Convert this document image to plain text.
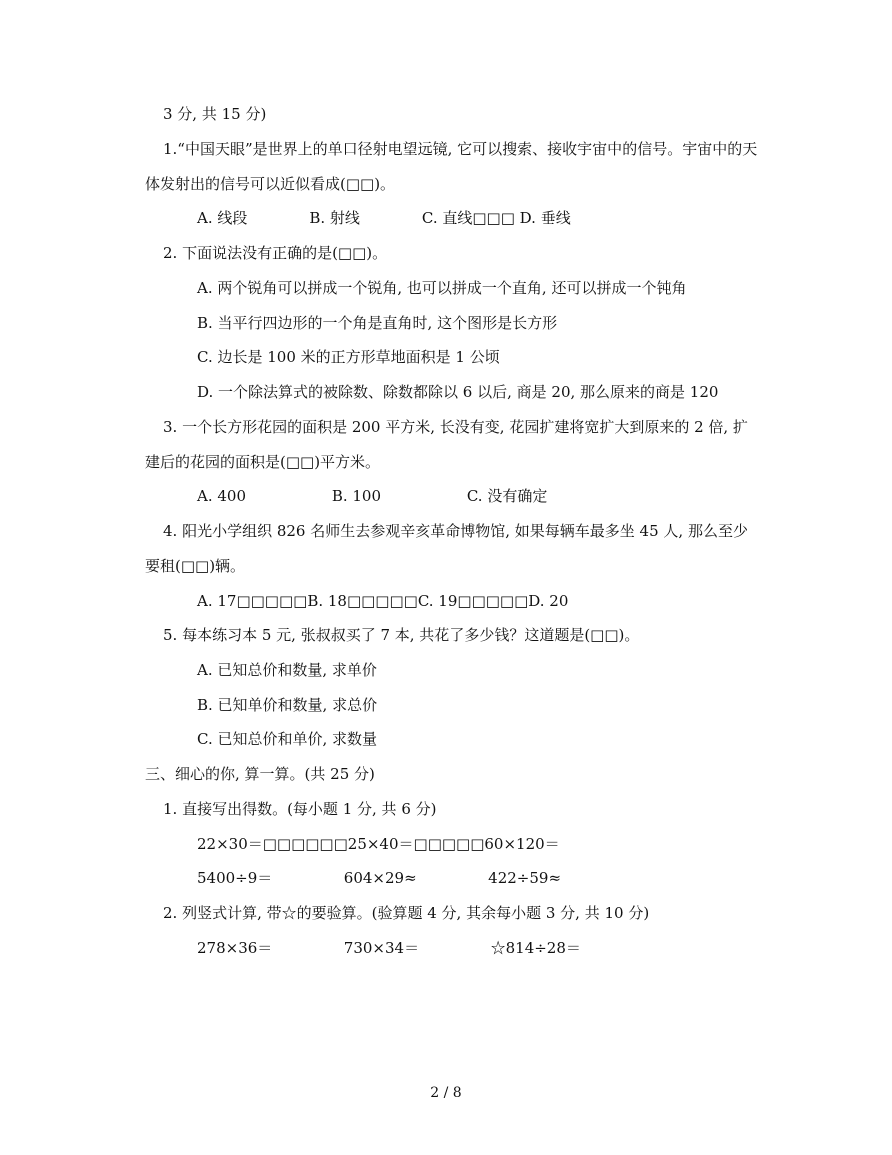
3 分, 共 15 分)
1.“中国天眼”是世界上的单口径射电望远镜, 它可以搜索、接收宇宙中的信号。宇宙中的天
体发射出的信号可以近似看成(□□)。
A. 线段             B. 射线             C. 直线□□□ D. 垂线
2. 下面说法没有正确的是(□□)。
A. 两个锐角可以拼成一个锐角, 也可以拼成一个直角, 还可以拼成一个钝角
B. 当平行四边形的一个角是直角时, 这个图形是长方形
C. 边长是 100 米的正方形草地面积是 1 公顷
D. 一个除法算式的被除数、除数都除以 6 以后, 商是 20, 那么原来的商是 120
3. 一个长方形花园的面积是 200 平方米, 长没有变, 花园扩建将宽扩大到原来的 2 倍, 扩
建后的花园的面积是(□□)平方米。
A. 400                  B. 100                  C. 没有确定
4. 阳光小学组织 826 名师生去参观辛亥革命博物馆, 如果每辆车最多坐 45 人, 那么至少
要租(□□)辆。
A. 17□□□□□B. 18□□□□□C. 19□□□□□D. 20
5. 每本练习本 5 元, 张叔叔买了 7 本, 共花了多少钱？这道题是(□□)。
A. 已知总价和数量, 求单价
B. 已知单价和数量, 求总价
C. 已知总价和单价, 求数量
三、细心的你, 算一算。(共 25 分)
1. 直接写出得数。(每小题 1 分, 共 6 分)
22×30＝□□□□□□25×40＝□□□□□60×120＝
5400÷9＝               604×29≈               422÷59≈
2. 列竖式计算, 带☆的要验算。(验算题 4 分, 其余每小题 3 分, 共 10 分)
278×36＝               730×34＝               ☆814÷28＝
2 / 8
